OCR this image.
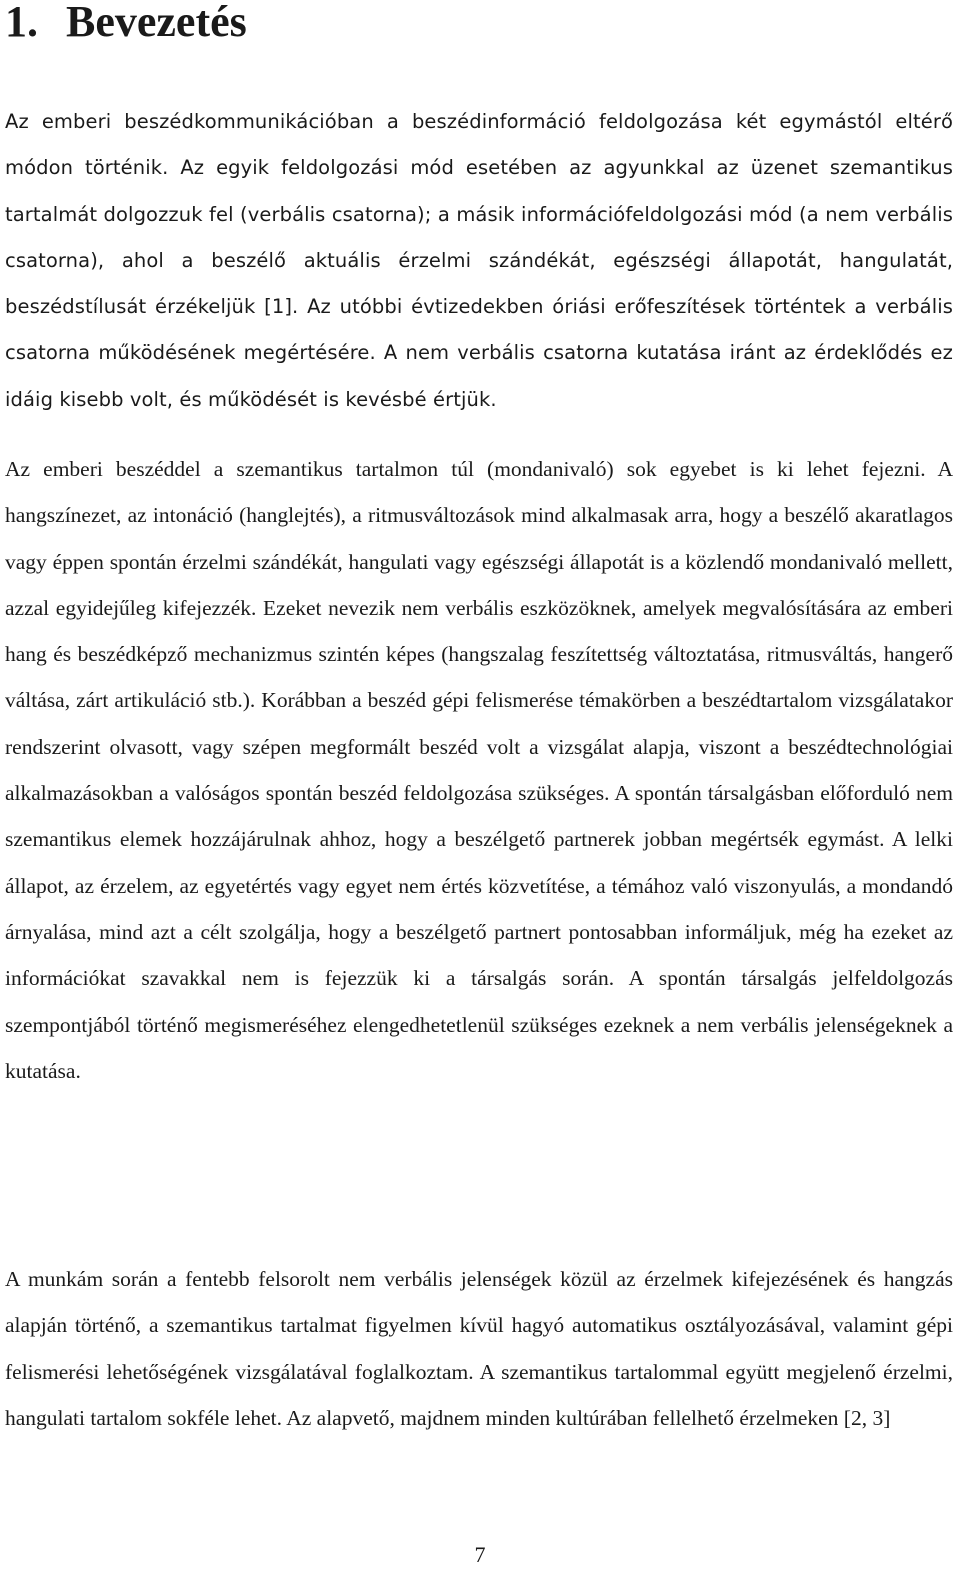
1. Bevezetés

Az emberi beszédkommunikációban a beszédinformáció feldolgozása két egymástól eltérő módon történik. Az egyik feldolgozási mód esetében az agyunkkal az üzenet szemantikus tartalmát dolgozzuk fel (verbális csatorna); a másik információfeldolgozási mód (a nem verbális csatorna), ahol a beszélő aktuális érzelmi szándékát, egészségi állapotát, hangulatát, beszédstílusát érzékeljük [1]. Az utóbbi évtizedekben óriási erőfeszítések történtek a verbális csatorna működésének megértésére. A nem verbális csatorna kutatása iránt az érdeklődés ez idáig kisebb volt, és működését is kevésbé értjük.

Az emberi beszéddel a szemantikus tartalmon túl (mondanivaló) sok egyebet is ki lehet fejezni. A hangszínezet, az intonáció (hanglejtés), a ritmusváltozások mind alkalmasak arra, hogy a beszélő akaratlagos vagy éppen spontán érzelmi szándékát, hangulati vagy egészségi állapotát is a közlendő mondanivaló mellett, azzal egyidejűleg kifejezzék. Ezeket nevezik nem verbális eszközöknek, amelyek megvalósítására az emberi hang és beszédképző mechanizmus szintén képes (hangszalag feszítettség változtatása, ritmusváltás, hangerő váltása, zárt artikuláció stb.). Korábban a beszéd gépi felismerése témakörben a beszédtartalom vizsgálatakor rendszerint olvasott, vagy szépen megformált beszéd volt a vizsgálat alapja, viszont a beszédtechnológiai alkalmazásokban a valóságos spontán beszéd feldolgozása szükséges. A spontán társalgásban előforduló nem szemantikus elemek hozzájárulnak ahhoz, hogy a beszélgető partnerek jobban megértsék egymást. A lelki állapot, az érzelem, az egyetértés vagy egyet nem értés közvetítése, a témához való viszonyulás, a mondandó árnyalása, mind azt a célt szolgálja, hogy a beszélgető partnert pontosabban informáljuk, még ha ezeket az információkat szavakkal nem is fejezzük ki a társalgás során. A spontán társalgás jelfeldolgozás szempontjából történő megismeréséhez elengedhetetlenül szükséges ezeknek a nem verbális jelenségeknek a kutatása.

A munkám során a fentebb felsorolt nem verbális jelenségek közül az érzelmek kifejezésének és hangzás alapján történő, a szemantikus tartalmat figyelmen kívül hagyó automatikus osztályozásával, valamint gépi felismerési lehetőségének vizsgálatával foglalkoztam. A szemantikus tartalommal együtt megjelenő érzelmi, hangulati tartalom sokféle lehet. Az alapvető, majdnem minden kultúrában fellelhető érzelmeken [2, 3]

7
